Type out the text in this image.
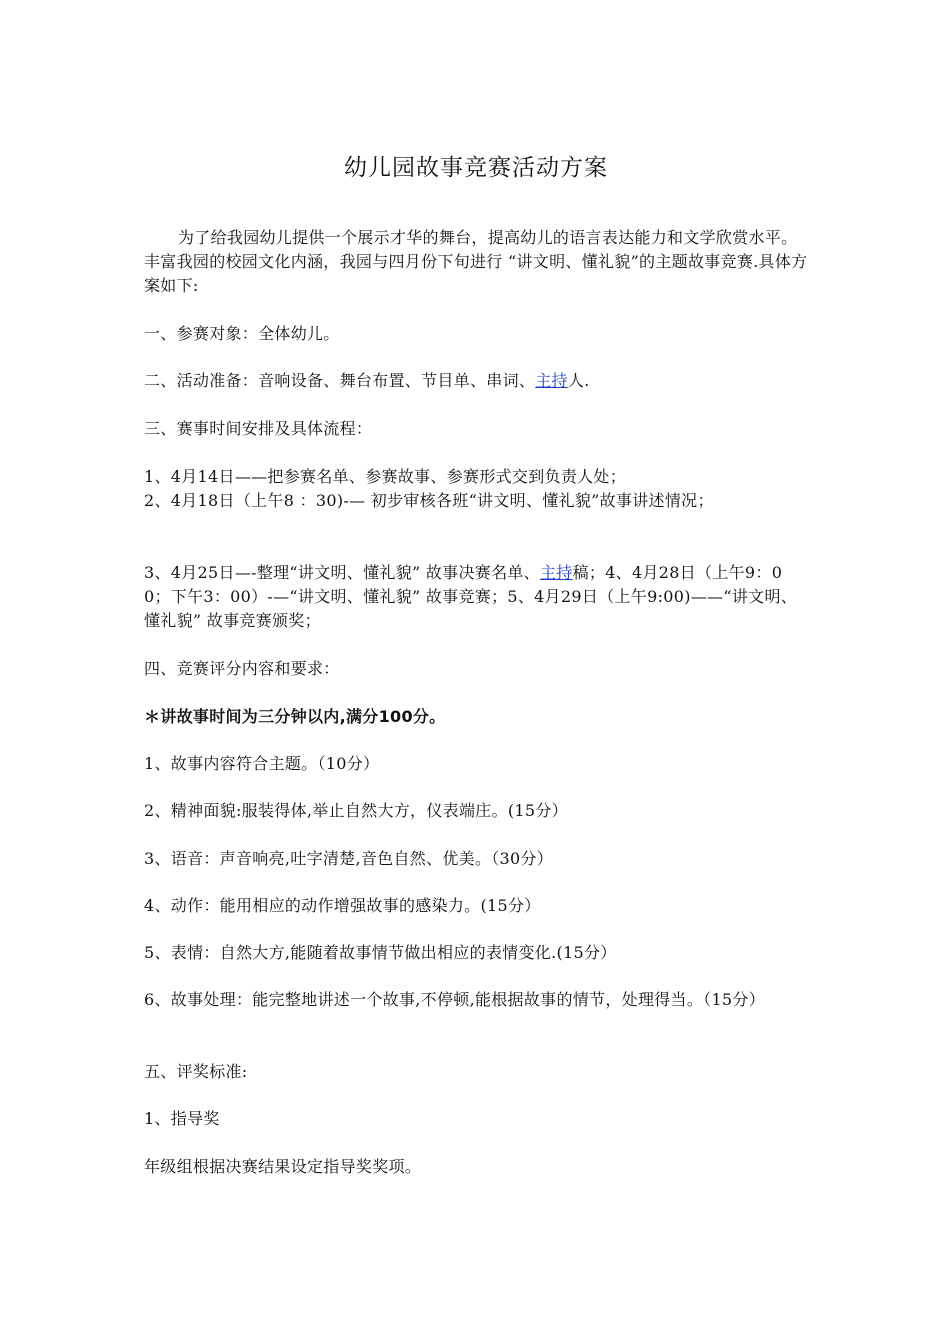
幼儿园故事竞赛活动方案
为了给我园幼儿提供一个展示才华的舞台，提高幼儿的语言表达能力和文学欣赏水平。丰富我园的校园文化内涵，我园与四月份下旬进行 “讲文明、懂礼貌”的主题故事竞赛.具体方案如下:
一、参赛对象：全体幼儿。
二、活动准备：音响设备、舞台布置、节目单、串词、主持人.
三、赛事时间安排及具体流程：
1、4月14日——把参赛名单、参赛故事、参赛形式交到负责人处；
2、4月18日（上午8 ：30)-— 初步审核各班“讲文明、懂礼貌”故事讲述情况；
3、4月25日—-整理“讲文明、懂礼貌” 故事决赛名单、主持稿；4、4月28日（上午9：00；下午3：00）-—“讲文明、懂礼貌” 故事竞赛；5、4月29日（上午9:00)——“讲文明、懂礼貌” 故事竞赛颁奖；
四、竞赛评分内容和要求：
＊讲故事时间为三分钟以内,满分100分。
1、故事内容符合主题。（10分）
2、精神面貌:服装得体,举止自然大方，仪表端庄。(15分）
3、语音：声音响亮,吐字清楚,音色自然、优美。（30分）
4、动作：能用相应的动作增强故事的感染力。(15分）
5、表情：自然大方,能随着故事情节做出相应的表情变化.(15分）
6、故事处理：能完整地讲述一个故事,不停顿,能根据故事的情节，处理得当。（15分）
五、评奖标准:
1、指导奖
年级组根据决赛结果设定指导奖奖项。
